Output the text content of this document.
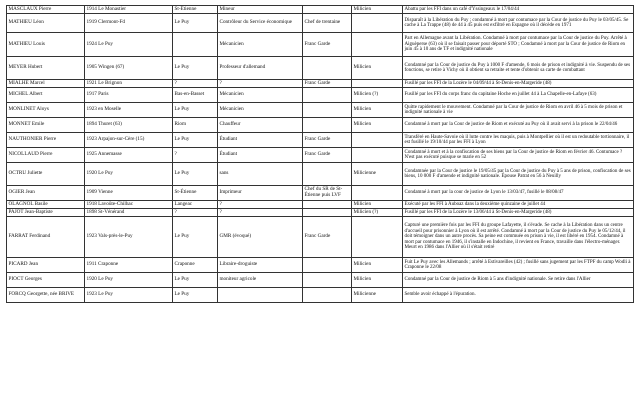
MASCLAUX Pierre	1914 Le Monastier	St-Étienne	Mineur		Milicien	Abattu par les FFI dans un café d'Yssingeaux le 17/04/44
MATHIEU Léon	1919 Clermont-Fd	Le Puy	Contrôleur du Service économique	Chef de trentaine		Disparaît à la Libération du Puy ; condamné à mort par contumace par la Cour de justice du Puy le 03/05/45. Se cache à La Trappe (48) de 44 à 45 puis est exfiltré en Espagne où il décède en 1971
MATHIEU Louis	1924 Le Puy		Mécanicien	Franc Garde		Part en Allemagne avant la Libération. Condamné à mort par contumace par la Cour de justice du Puy. Arrêté à Aiguèperse (63) où il se faisait passer pour déporté STO ; Condamné à mort par la Cour de justice de Riom en juin 45 à 10 ans de TF et indignité nationale
MEYER Hubert	1905 Wingen (67)	Le Puy	Professeur d'allemand		Milicien	Condamné par la Cour de justice du Puy à 1000 F d'amende, 6 mois de prison et indignité à vie. Suspendu de ses fonctions, se retire à Vichy où il obtient sa retraite et tente d'obtenir sa carte de combattant
MIALHE Marcel	1921 Le Brignon	?	?	Franc Garde		Fusillé par les FFI de la Lozère le 04/09/44 à St-Denis-en-Margeride (48)
MICHEL Albert	1917 Paris	Bas-en-Basset	Mécanicien		Milicien (?)	Fusillé par les FFI du corps franc du capitaine Hoche en juillet 44 à La Chapelle-en-Lafaye (63)
MONLINET Aloys	1923 en Moselle	Le Puy	Mécanicien		Milicien	Quitte rapidement le mouvement. Condamné par la Cour de justice de Riom en avril 46 à 5 mois de prison et indignité nationale à vie
MONNET Emile	1894 Thuret (63)	Riom	Chauffeur		Milicien	Condamné à mort par la Cour de justice de Riom et exécuté au Puy où il avait servi à la prison le 22/04/46
NAUTHONIER Pierre	1923 Arpajon-sur-Cère (15)	Le Puy	Étudiant	Franc Garde		Transféré en Haute-Savoie où il lutte contre les maquis, puis à Montpellier où il est un redoutable tortionnaire, il est fusillé le 19/10/44 par les FFI à Lyon
NICOLLAUD Pierre	1925 Annemasse	?	Étudiant	Franc Garde		Condamné à mort et à la confiscation de ses biens par la Cour de justice de Riom en février 46. Contumace ? N'est pas exécuté puisque se marie en 52
OCTRU Juliette	1920 Le Puy	Le Puy	sans		Milicienne	Condamnée par la Cour de justice le 19/05/45 par la Cour de justice du Puy à 5 ans de prison, confiscation de ses biens, 10 000 F d'amende et indignité nationale. Épouse Patrat en 56 à Neuilly
OGIER Jean	1909 Vienne	St-Étienne	Imprimeur	Chef du SR de St-Étienne puis LVF		Condamné à mort par la cour de justice de Lyon le 13/03/47, fusillé le 08/08/47
OLAGNOL Basile	1918 Lavoûte-Chilhac	Langeac	?		Milicien	Exécuté par les FFI à Auboaz dans la deuxième quinzaine de juillet 44
PAJOT Jean-Baptiste	1898 St-Vénérand	?	?		Milicien (?)	Fusillé par les FFI de la Lozère le 13/06/44 à St-Denis-en-Margeride (48)
FARRAT Ferdinand	1923 Vals-près-le-Puy	Le Puy	GMR (évoqué)	Franc Garde		Capturé une première fois par les FFI du groupe Lafayette, il s'évade. Se cache à la Libération dans un centre d'accueil pour prisonnier à Lyon où il est arrêté. Condamné à mort par la Cour de justice du Puy le 05/12/44, il doit témoigner dans un autre procès. Sa peine est commuée en prison à vie, il est libéré en 1954. Condamné à mort par contumace en 1946, il s'installe en Indochine, il revient en France, travaille dans l'électro-ménager. Meurt en 1986 dans l'Allier où il s'était retiré
PICARD Jean	1911 Craponne	Craponne	Libraire-droguiste		Milicien	Fuit Le Puy avec les Allemands ; arrêté à Estivareilles (42) ; fusillé sans jugement par les FTPF du camp Wodli à Craponne le 22/08
PIOCT Georges	1920 Le Puy	Le Puy	moniteur agricole		Milicien	Condamné par la Cour de justice de Riom à 5 ans d'indignité nationale. Se retire dans l'Allier
FORCQ Georgette, née BRIVE	1923 Le Puy	Le Puy			Milicienne	Semble avoir échappé à l'épuration.
